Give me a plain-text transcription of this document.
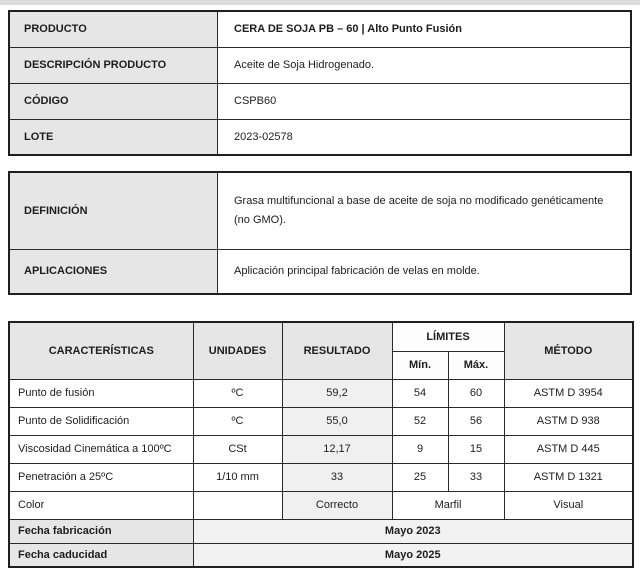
PRODUCTO	CERA DE SOJA PB – 60 | Alto Punto Fusión
DESCRIPCIÓN PRODUCTO	Aceite de Soja Hidrogenado.
CÓDIGO	CSPB60
LOTE	2023-02578
DEFINICIÓN	Grasa multifuncional a base de aceite de soja no modificado genéticamente (no GMO).
APLICACIONES	Aplicación principal fabricación de velas en molde.
CARACTERÍSTICAS	UNIDADES	RESULTADO	LÍMITES		MÉTODO
			Mín.	Máx.	
Punto de fusión	ºC	59,2	54	60	ASTM D 3954
Punto de Solidificación	ºC	55,0	52	56	ASTM D 938
Viscosidad Cinemática a 100ºC	CSt	12,17	9	15	ASTM D 445
Penetración a 25ºC	1/10 mm	33	25	33	ASTM D 1321
Color		Correcto	Marfil		Visual
Fecha fabricación	Mayo 2023				
Fecha caducidad	Mayo 2025				
